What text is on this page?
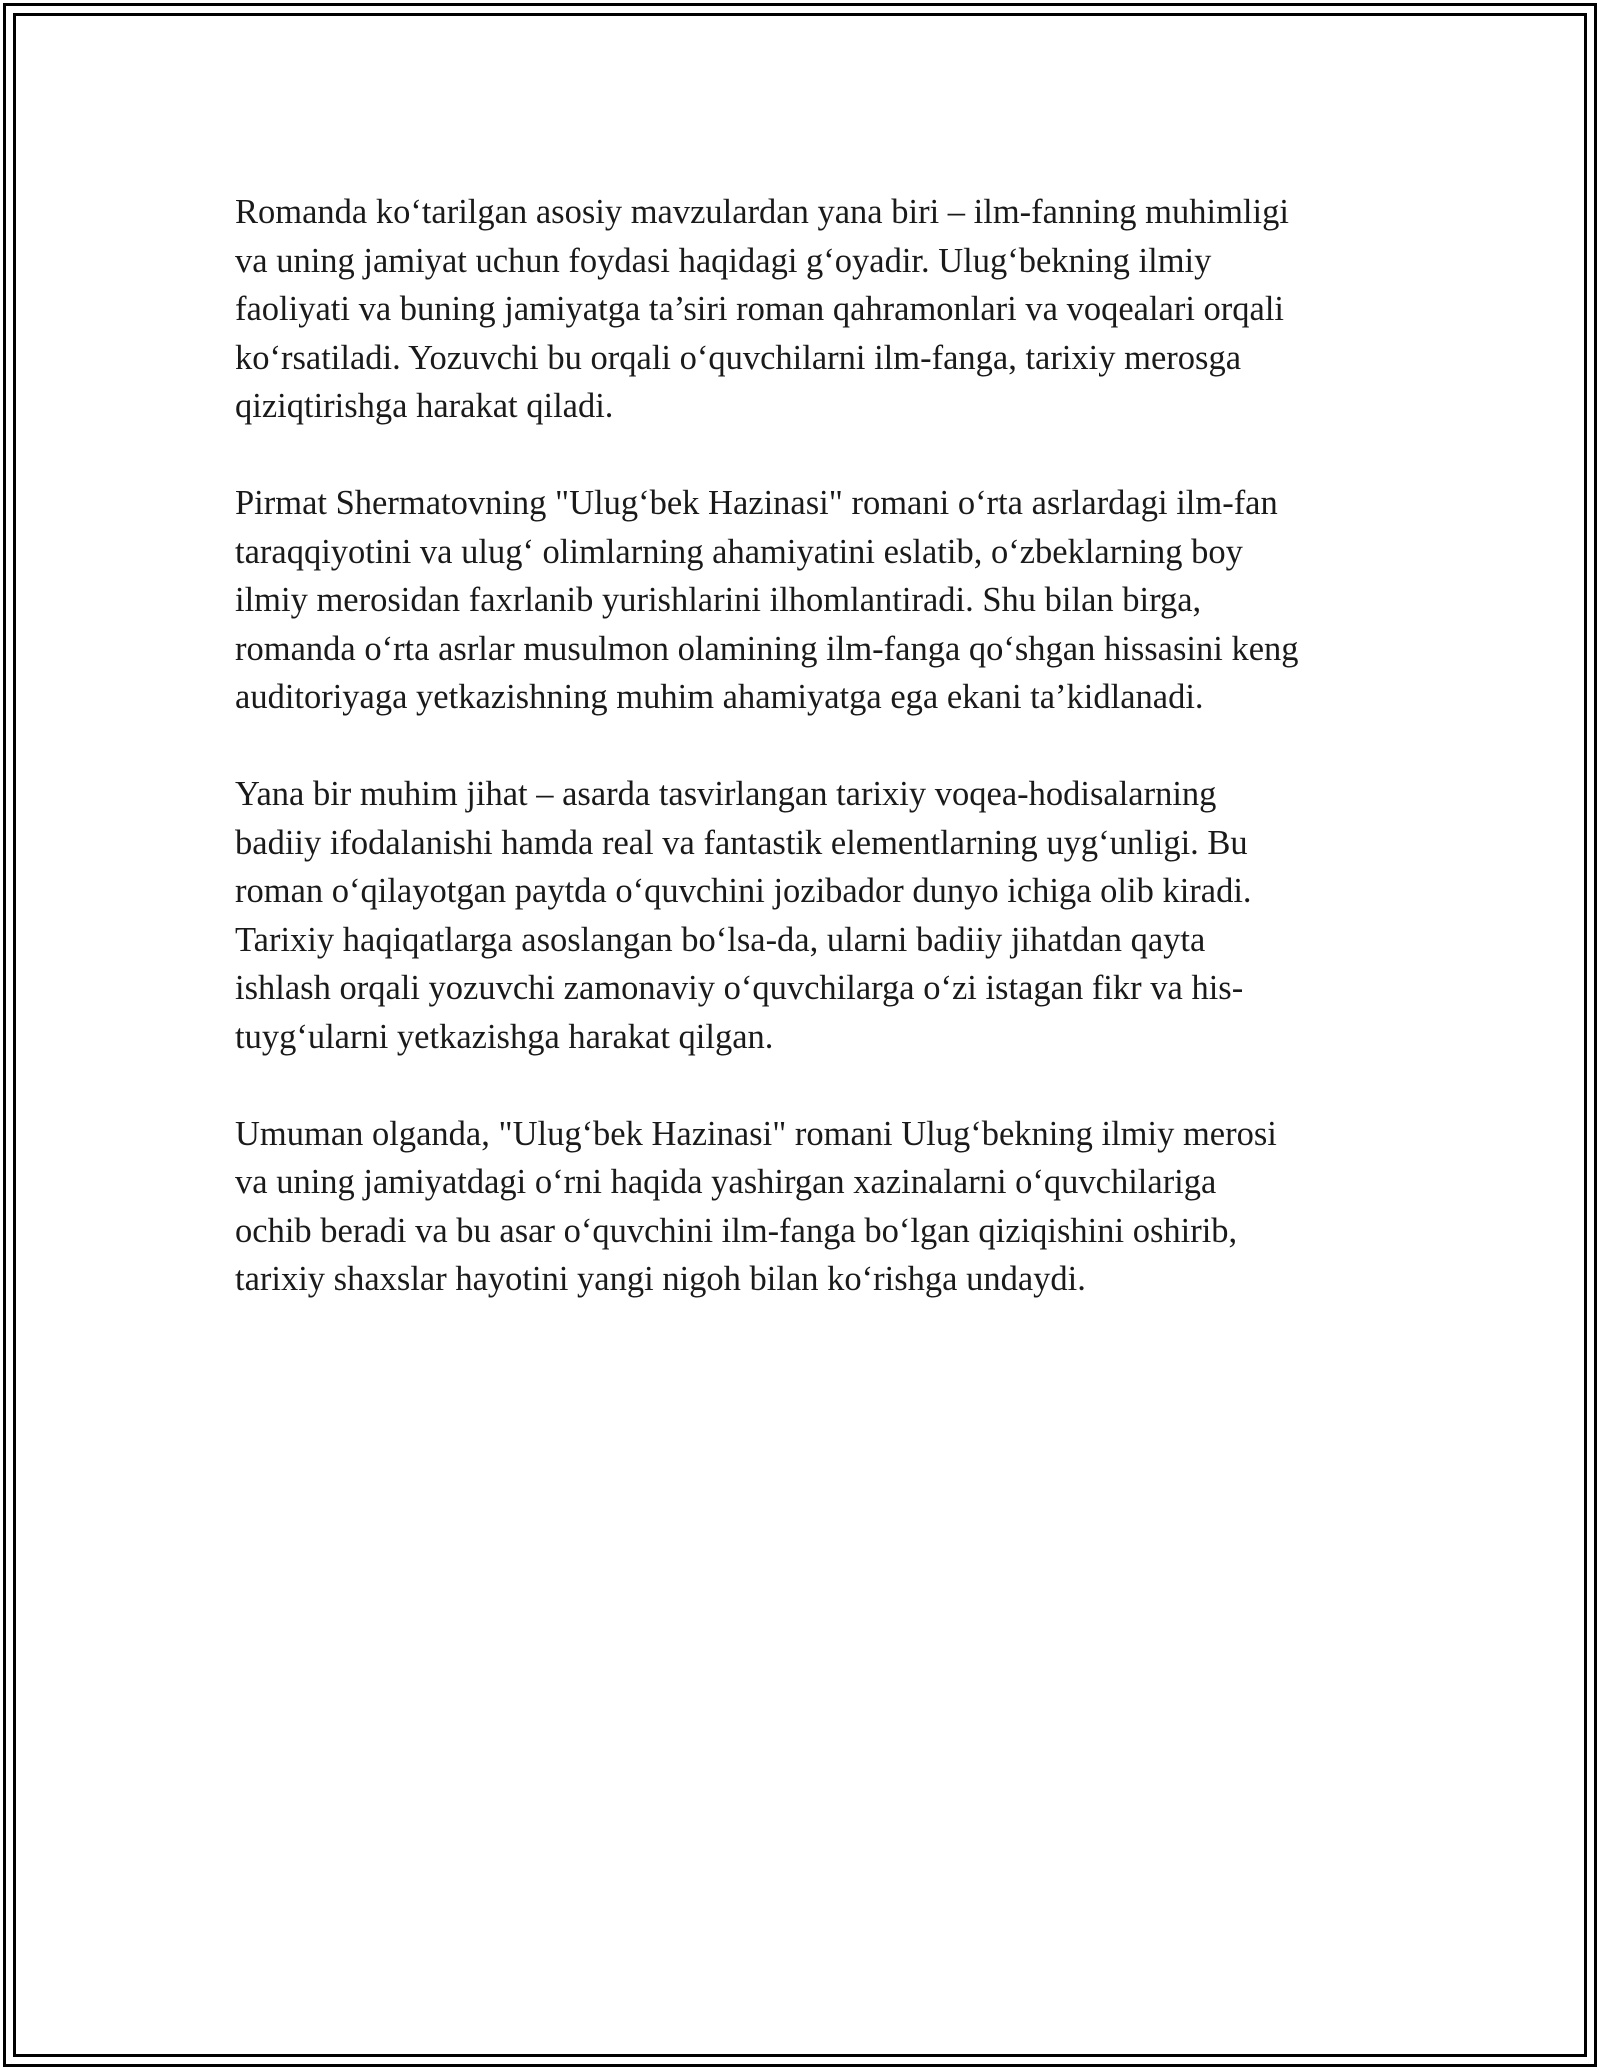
Romanda ko‘tarilgan asosiy mavzulardan yana biri – ilm-fanning muhimligi
va uning jamiyat uchun foydasi haqidagi g‘oyadir. Ulug‘bekning ilmiy
faoliyati va buning jamiyatga ta’siri roman qahramonlari va voqealari orqali
ko‘rsatiladi. Yozuvchi bu orqali o‘quvchilarni ilm-fanga, tarixiy merosga
qiziqtirishga harakat qiladi.

Pirmat Shermatovning "Ulug‘bek Hazinasi" romani o‘rta asrlardagi ilm-fan
taraqqiyotini va ulug‘ olimlarning ahamiyatini eslatib, o‘zbeklarning boy
ilmiy merosidan faxrlanib yurishlarini ilhomlantiradi. Shu bilan birga,
romanda o‘rta asrlar musulmon olamining ilm-fanga qo‘shgan hissasini keng
auditoriyaga yetkazishning muhim ahamiyatga ega ekani ta’kidlanadi.

Yana bir muhim jihat – asarda tasvirlangan tarixiy voqea-hodisalarning
badiiy ifodalanishi hamda real va fantastik elementlarning uyg‘unligi. Bu
roman o‘qilayotgan paytda o‘quvchini jozibador dunyo ichiga olib kiradi.
Tarixiy haqiqatlarga asoslangan bo‘lsa-da, ularni badiiy jihatdan qayta
ishlash orqali yozuvchi zamonaviy o‘quvchilarga o‘zi istagan fikr va his-
tuyg‘ularni yetkazishga harakat qilgan.

Umuman olganda, "Ulug‘bek Hazinasi" romani Ulug‘bekning ilmiy merosi
va uning jamiyatdagi o‘rni haqida yashirgan xazinalarni o‘quvchilariga
ochib beradi va bu asar o‘quvchini ilm-fanga bo‘lgan qiziqishini oshirib,
tarixiy shaxslar hayotini yangi nigoh bilan ko‘rishga undaydi.
